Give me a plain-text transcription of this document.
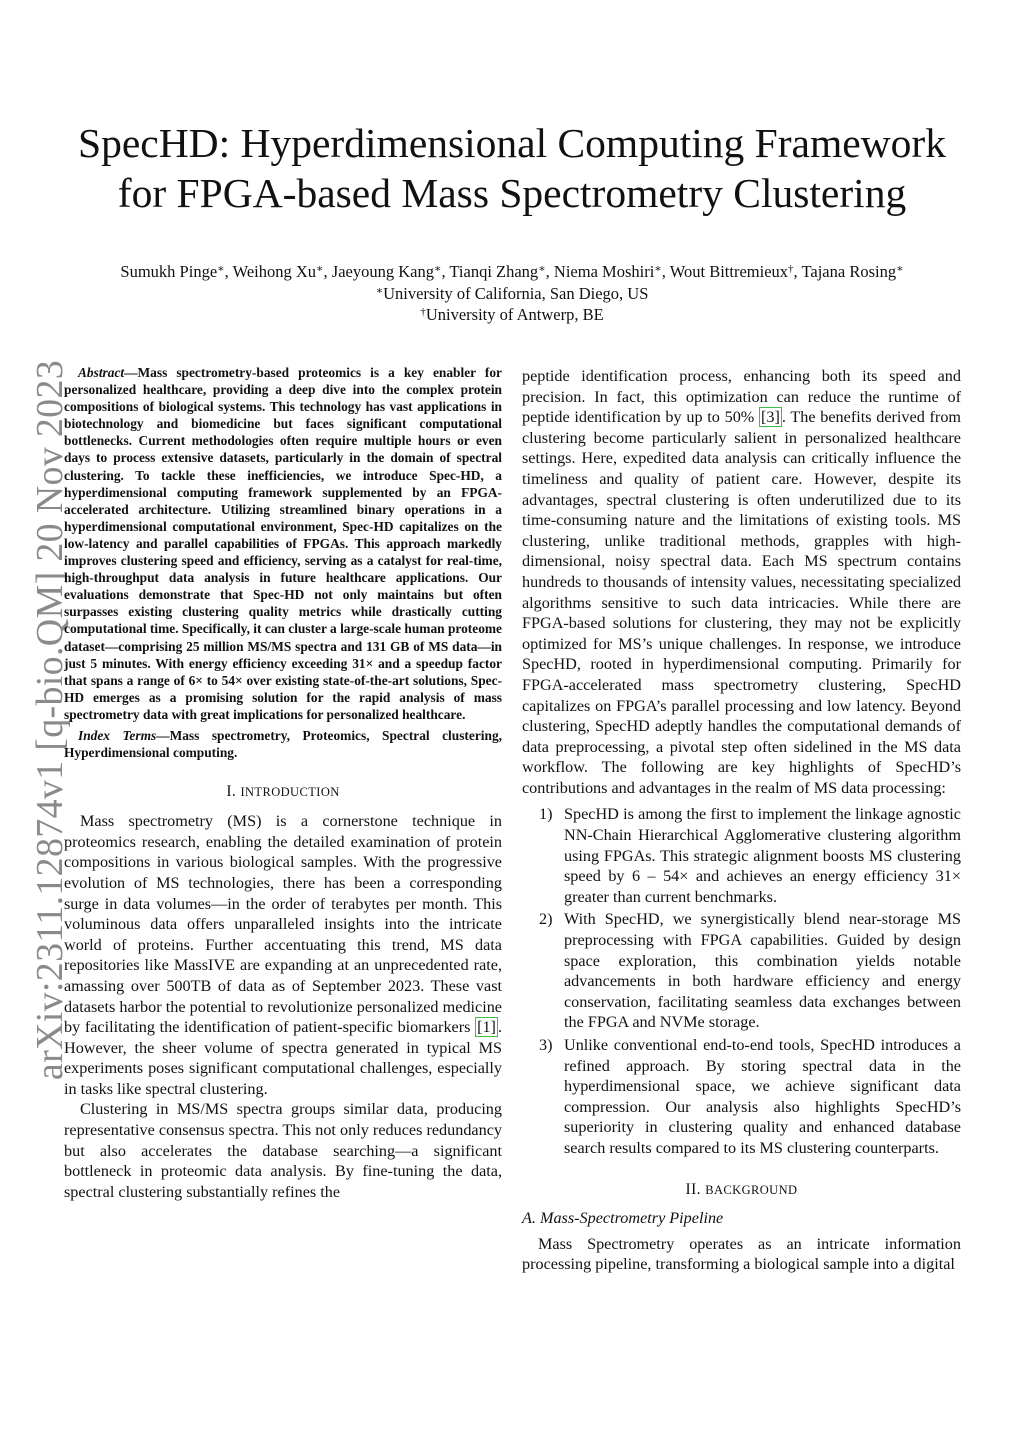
arXiv:2311.12874v1 [q-bio.QM] 20 Nov 2023
SpecHD: Hyperdimensional Computing Framework
for FPGA-based Mass Spectrometry Clustering
Sumukh Pinge∗, Weihong Xu∗, Jaeyoung Kang∗, Tianqi Zhang∗, Niema Moshiri∗, Wout Bittremieux†, Tajana Rosing∗
∗University of California, San Diego, US
†University of Antwerp, BE

Abstract—Mass spectrometry-based proteomics is a key enabler for personalized healthcare, providing a deep dive into the complex protein compositions of biological systems. This technology has vast applications in biotechnology and biomedicine but faces significant computational bottlenecks. Current methodologies often require multiple hours or even days to process extensive datasets, particularly in the domain of spectral clustering. To tackle these inefficiencies, we introduce Spec-HD, a hyperdimensional computing framework supplemented by an FPGA-accelerated architecture. Utilizing streamlined binary operations in a hyperdimensional computational environment, Spec-HD capitalizes on the low-latency and parallel capabilities of FPGAs. This approach markedly improves clustering speed and efficiency, serving as a catalyst for real-time, high-throughput data analysis in future healthcare applications. Our evaluations demonstrate that Spec-HD not only maintains but often surpasses existing clustering quality metrics while drastically cutting computational time. Specifically, it can cluster a large-scale human proteome dataset—comprising 25 million MS/MS spectra and 131 GB of MS data—in just 5 minutes. With energy efficiency exceeding 31× and a speedup factor that spans a range of 6× to 54× over existing state-of-the-art solutions, Spec-HD emerges as a promising solution for the rapid analysis of mass spectrometry data with great implications for personalized healthcare.

Index Terms—Mass spectrometry, Proteomics, Spectral clustering, Hyperdimensional computing.

I. INTRODUCTION

Mass spectrometry (MS) is a cornerstone technique in proteomics research, enabling the detailed examination of protein compositions in various biological samples. With the progressive evolution of MS technologies, there has been a corresponding surge in data volumes—in the order of terabytes per month. This voluminous data offers unparalleled insights into the intricate world of proteins. Further accentuating this trend, MS data repositories like MassIVE are expanding at an unprecedented rate, amassing over 500TB of data as of September 2023. These vast datasets harbor the potential to revolutionize personalized medicine by facilitating the identification of patient-specific biomarkers [1] . However, the sheer volume of spectra generated in typical MS experiments poses significant computational challenges, especially in tasks like spectral clustering.

Clustering in MS/MS spectra groups similar data, producing representative consensus spectra. This not only reduces redundancy but also accelerates the database searching—a significant bottleneck in proteomic data analysis. By fine-tuning the data, spectral clustering substantially refines the

peptide identification process, enhancing both its speed and precision. In fact, this optimization can reduce the runtime of peptide identification by up to 50% [3] . The benefits derived from clustering become particularly salient in personalized healthcare settings. Here, expedited data analysis can critically influence the timeliness and quality of patient care. However, despite its advantages, spectral clustering is often underutilized due to its time-consuming nature and the limitations of existing tools. MS clustering, unlike traditional methods, grapples with high-dimensional, noisy spectral data. Each MS spectrum contains hundreds to thousands of intensity values, necessitating specialized algorithms sensitive to such data intricacies. While there are FPGA-based solutions for clustering, they may not be explicitly optimized for MS’s unique challenges. In response, we introduce SpecHD, rooted in hyperdimensional computing. Primarily for FPGA-accelerated mass spectrometry clustering, SpecHD capitalizes on FPGA’s parallel processing and low latency. Beyond clustering, SpecHD adeptly handles the computational demands of data preprocessing, a pivotal step often sidelined in the MS data workflow. The following are key highlights of SpecHD’s contributions and advantages in the realm of MS data processing:

1) SpecHD is among the first to implement the linkage agnostic NN-Chain Hierarchical Agglomerative clustering algorithm using FPGAs. This strategic alignment boosts MS clustering speed by 6 – 54× and achieves an energy efficiency 31× greater than current benchmarks.
2) With SpecHD, we synergistically blend near-storage MS preprocessing with FPGA capabilities. Guided by design space exploration, this combination yields notable advancements in both hardware efficiency and energy conservation, facilitating seamless data exchanges between the FPGA and NVMe storage.
3) Unlike conventional end-to-end tools, SpecHD introduces a refined approach. By storing spectral data in the hyperdimensional space, we achieve significant data compression. Our analysis also highlights SpecHD’s superiority in clustering quality and enhanced database search results compared to its MS clustering counterparts.
II. BACKGROUND
A. Mass-Spectrometry Pipeline

Mass Spectrometry operates as an intricate information processing pipeline, transforming a biological sample into a digital
